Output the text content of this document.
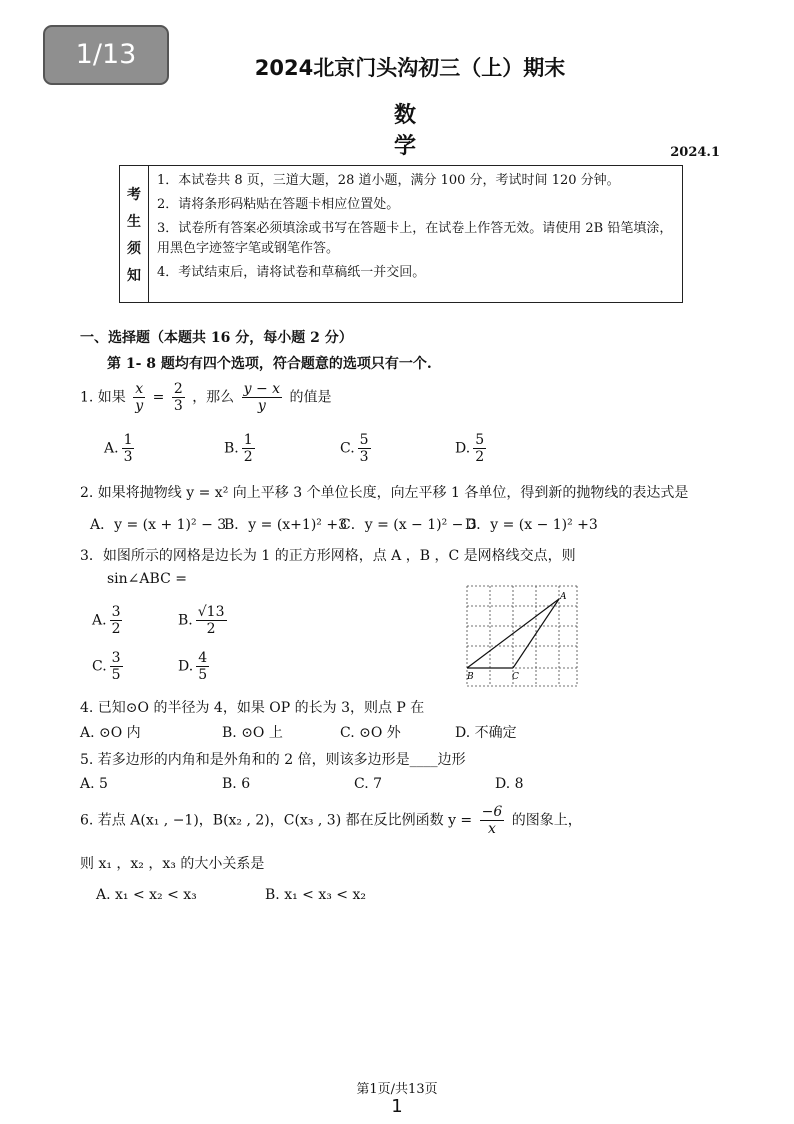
1/13	2024北京门头沟初三（上）期末
数学	2024.1
考
生
须
知
1．本试卷共 8 页，三道大题，28 道小题，满分 100 分，考试时间 120 分钟。
2．请将条形码粘贴在答题卡相应位置处。
3．试卷所有答案必须填涂或书写在答题卡上，在试卷上作答无效。请使用 2B 铅笔填涂，用黑色字迹签字笔或钢笔作答。
4．考试结束后，请将试卷和草稿纸一并交回。
一、选择题（本题共 16 分，每小题 2 分）
第 1- 8 题均有四个选项，符合题意的选项只有一个.
1. 如果 $\frac{x}{y} = \frac{2}{3}$ ，那么 $\frac{y - x}{y}$ 的值是
A. $\frac{1}{3}$	B. $\frac{1}{2}$	C. $\frac{5}{3}$	D. $\frac{5}{2}$
2. 如果将抛物线 y = x² 向上平移 3 个单位长度，向左平移 1 各单位，得到新的抛物线的表达式是
A．y = (x + 1)² − 3
B．y = (x+1)² +3
C．y = (x − 1)² − 3
D．y = (x − 1)² +3
3．如图所示的网格是边长为 1 的正方形网格，点 A ，B ，C 是网格线交点，则
sin∠ABC =
A. $\frac{3}{2}$	B. $\frac{√13}{2}$
C. $\frac{3}{5}$	D. $\frac{4}{5}$
A
B	C
4. 已知⊙O 的半径为 4，如果 OP 的长为 3，则点 P 在
A. ⊙O 内	B. ⊙O 上	C. ⊙O 外	D. 不确定
5. 若多边形的内角和是外角和的 2 倍，则该多边形是____边形
A. 5	B. 6	C. 7	D. 8
6. 若点 A(x₁ , −1)，B(x₂ , 2)，C(x₃ , 3) 都在反比例函数 $y = \frac{-6}{x}$ 的图象上，
则 x₁ ，x₂ ，x₃ 的大小关系是
A. x₁ < x₂ < x₃	B. x₁ < x₃ < x₂
第1页/共13页
1
